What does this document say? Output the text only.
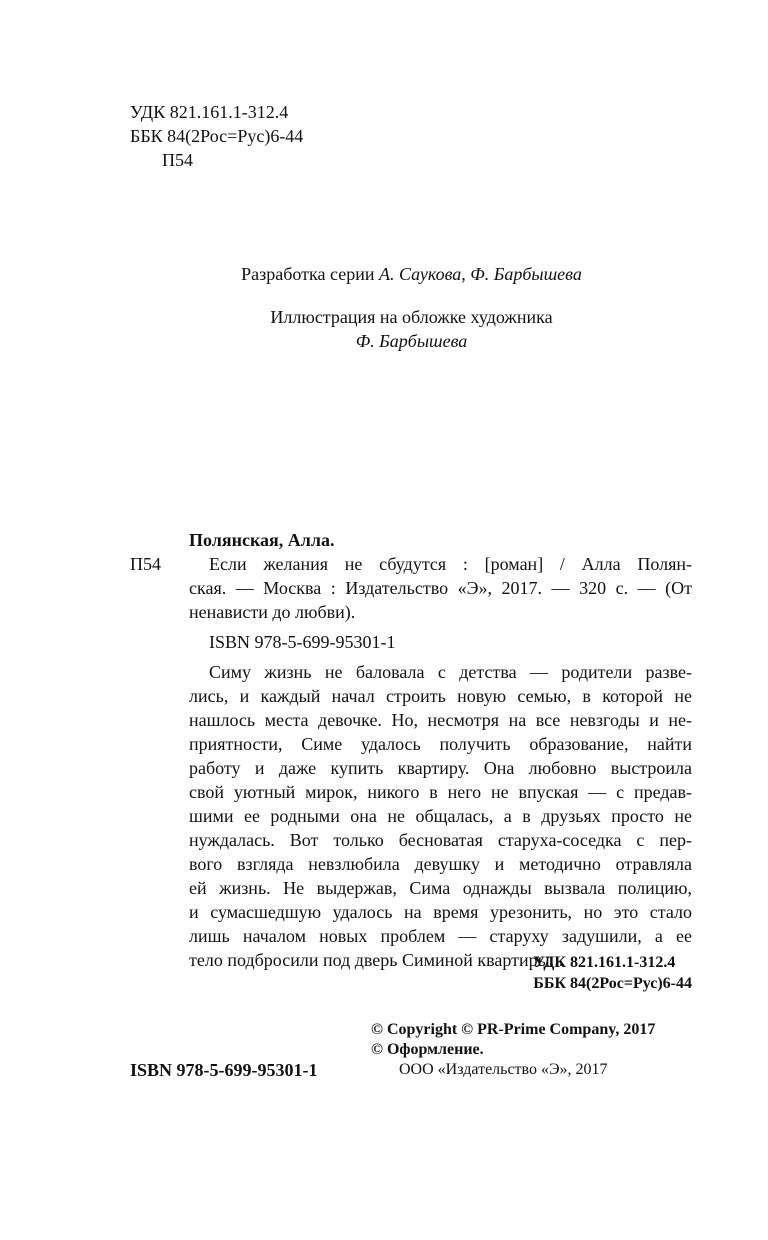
УДК 821.161.1-312.4
ББК 84(2Рос=Рус)6-44
П54
Разработка серии А. Саукова, Ф. Барбышева
Иллюстрация на обложке художника
Ф. Барбышева
Полянская, Алла.
П54	Если желания не сбудутся : [роман] / Алла Полян-
ская. — Москва : Издательство «Э», 2017. — 320 с. — (От
ненависти до любви).
ISBN 978-5-699-95301-1
Симу жизнь не баловала с детства — родители разве-
лись, и каждый начал строить новую семью, в которой не
нашлось места девочке. Но, несмотря на все невзгоды и не-
приятности, Симе удалось получить образование, найти
работу и даже купить квартиру. Она любовно выстроила
свой уютный мирок, никого в него не впуская — с предав-
шими ее родными она не общалась, а в друзьях просто не
нуждалась. Вот только бесноватая старуха-соседка с пер-
вого взгляда невзлюбила девушку и методично отравляла
ей жизнь. Не выдержав, Сима однажды вызвала полицию,
и сумасшедшую удалось на время урезонить, но это стало
лишь началом новых проблем — старуху задушили, а ее
тело подбросили под дверь Симиной квартиры...
УДК 821.161.1-312.4
ББК 84(2Рос=Рус)6-44
© Copyright © PR-Prime Company, 2017
© Оформление.
ООО «Издательство «Э», 2017
ISBN 978-5-699-95301-1
